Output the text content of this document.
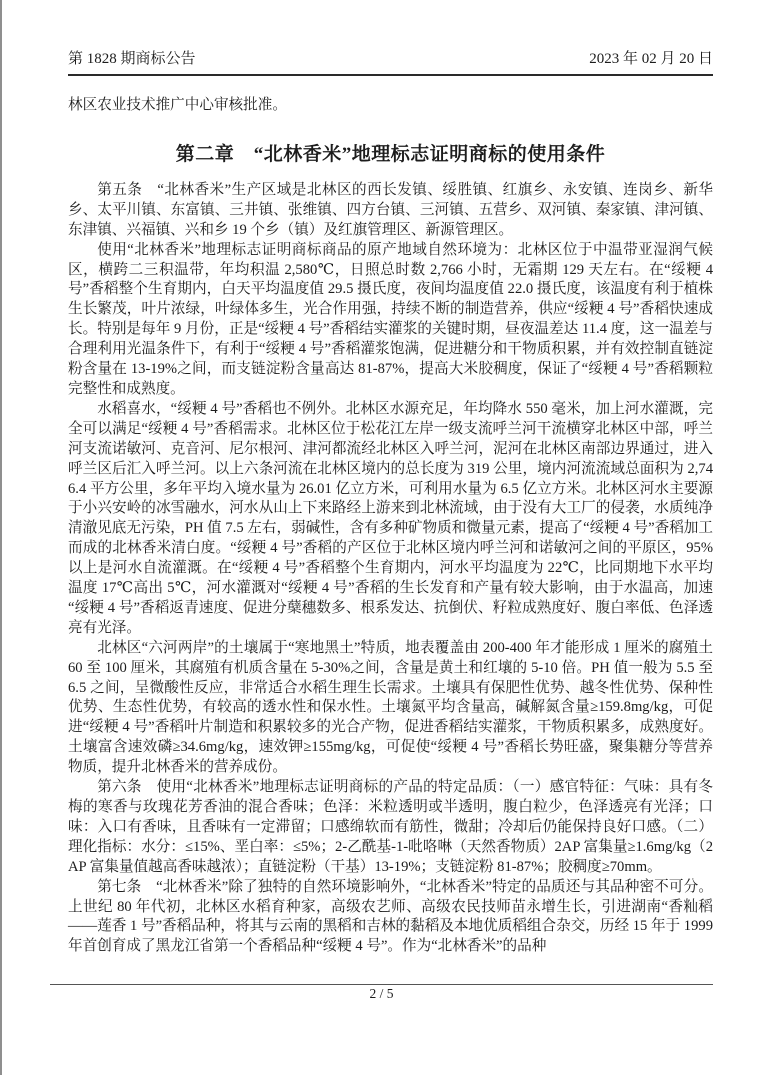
第 1828 期商标公告	2023 年 02 月 20 日

林区农业技术推广中心审核批准。

第二章　“北林香米”地理标志证明商标的使用条件

第五条　“北林香米”生产区域是北林区的西长发镇、绥胜镇、红旗乡、永安镇、连岗乡、新华乡、太平川镇、东富镇、三井镇、张维镇、四方台镇、三河镇、五营乡、双河镇、秦家镇、津河镇、东津镇、兴福镇、兴和乡 19 个乡（镇）及红旗管理区、新源管理区。

使用“北林香米”地理标志证明商标商品的原产地域自然环境为：北林区位于中温带亚湿润气候区，横跨二三积温带，年均积温 2,580℃，日照总时数 2,766 小时，无霜期 129 天左右。在“绥粳 4 号”香稻整个生育期内，白天平均温度值 29.5 摄氏度，夜间均温度值 22.0 摄氏度，该温度有利于植株生长繁茂，叶片浓绿，叶绿体多生，光合作用强，持续不断的制造营养，供应“绥粳 4 号”香稻快速成长。特别是每年 9 月份，正是“绥粳 4 号”香稻结实灌浆的关键时期，昼夜温差达 11.4 度，这一温差与合理利用光温条件下，有利于“绥粳 4 号”香稻灌浆饱满，促进糖分和干物质积累，并有效控制直链淀粉含量在 13-19%之间，而支链淀粉含量高达 81-87%，提高大米胶稠度，保证了“绥粳 4 号”香稻颗粒完整性和成熟度。

水稻喜水，“绥粳 4 号”香稻也不例外。北林区水源充足，年均降水 550 毫米，加上河水灌溉，完全可以满足“绥粳 4 号”香稻需求。北林区位于松花江左岸一级支流呼兰河干流横穿北林区中部，呼兰河支流诺敏河、克音河、尼尔根河、津河都流经北林区入呼兰河，泥河在北林区南部边界通过，进入呼兰区后汇入呼兰河。以上六条河流在北林区境内的总长度为 319 公里，境内河流流域总面积为 2,746.4 平方公里，多年平均入境水量为 26.01 亿立方米，可利用水量为 6.5 亿立方米。北林区河水主要源于小兴安岭的冰雪融水，河水从山上下来路经上游来到北林流域，由于没有大工厂的侵袭，水质纯净清澈见底无污染，PH 值 7.5 左右，弱碱性，含有多种矿物质和微量元素，提高了“绥粳 4 号”香稻加工而成的北林香米清白度。“绥粳 4 号”香稻的产区位于北林区境内呼兰河和诺敏河之间的平原区，95%以上是河水自流灌溉。在“绥粳 4 号”香稻整个生育期内，河水平均温度为 22℃，比同期地下水平均温度 17℃高出 5℃，河水灌溉对“绥粳 4 号”香稻的生长发育和产量有较大影响，由于水温高，加速“绥粳 4 号”香稻返青速度、促进分蘖穗数多、根系发达、抗倒伏、籽粒成熟度好、腹白率低、色泽透亮有光泽。

北林区“六河两岸”的土壤属于“寒地黑土”特质，地表覆盖由 200-400 年才能形成 1 厘米的腐殖土 60 至 100 厘米，其腐殖有机质含量在 5-30%之间，含量是黄土和红壤的 5-10 倍。PH 值一般为 5.5 至 6.5 之间，呈微酸性反应，非常适合水稻生理生长需求。土壤具有保肥性优势、越冬性优势、保种性优势、生态性优势，有较高的透水性和保水性。土壤氮平均含量高，碱解氮含量≥159.8mg/kg，可促进“绥粳 4 号”香稻叶片制造和积累较多的光合产物，促进香稻结实灌浆，干物质积累多，成熟度好。土壤富含速效磷≥34.6mg/kg，速效钾≥155mg/kg，可促使“绥粳 4 号”香稻长势旺盛，聚集糖分等营养物质，提升北林香米的营养成份。

第六条　使用“北林香米”地理标志证明商标的产品的特定品质：（一）感官特征：气味：具有冬梅的寒香与玫瑰花芳香油的混合香味；色泽：米粒透明或半透明，腹白粒少，色泽透亮有光泽；口味：入口有香味，且香味有一定滞留；口感绵软而有筋性，微甜；冷却后仍能保持良好口感。（二）理化指标：水分：≤15%、垩白率：≤5%；2-乙酰基-1-吡咯啉（天然香物质）2AP 富集量≥1.6mg/kg（2AP 富集量值越高香味越浓）；直链淀粉（干基）13-19%；支链淀粉 81-87%；胶稠度≥70mm。

第七条　“北林香米”除了独特的自然环境影响外，“北林香米”特定的品质还与其品种密不可分。上世纪 80 年代初，北林区水稻育种家，高级农艺师、高级农民技师苗永增生长，引进湖南“香籼稻——莲香 1 号”香稻品种，将其与云南的黑稻和吉林的黏稻及本地优质稻组合杂交，历经 15 年于 1999 年首创育成了黑龙江省第一个香稻品种“绥粳 4 号”。作为“北林香米”的品种

2 / 5
